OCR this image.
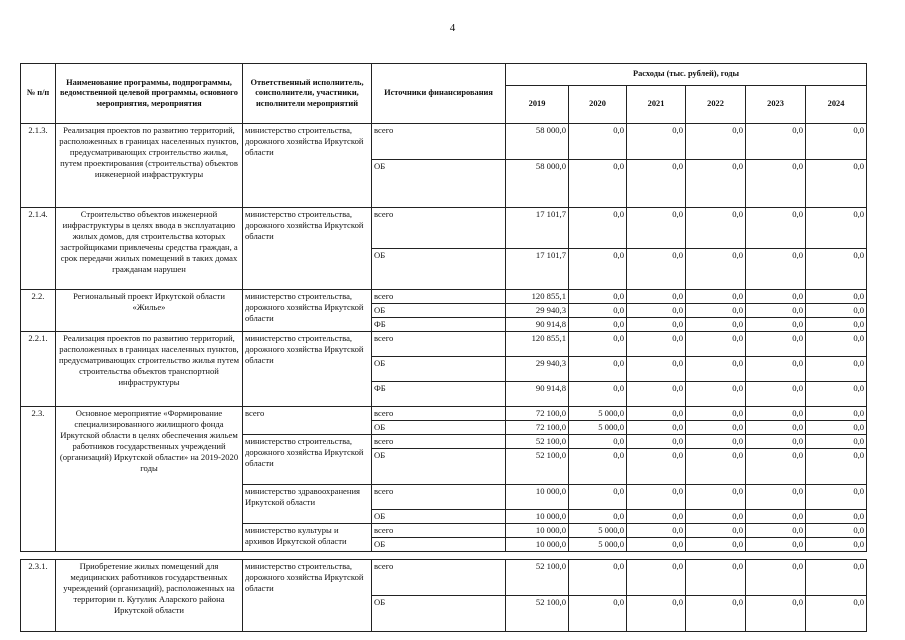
4
№ п/п	Наименование программы, подпрограммы, ведомственной целевой программы, основного мероприятия, мероприятия	Ответственный исполнитель, соисполнители, участники, исполнители мероприятий	Источники финансирования	Расходы (тыс. рублей), годы					
				2019	2020	2021	2022	2023	2024
2.1.3.	Реализация проектов по развитию территорий, расположенных в границах населенных пунктов, предусматривающих строительство жилья, путем проектирования (строительства) объектов инженерной инфраструктуры	министерство строительства, дорожного хозяйства Иркутской области	всего	58 000,0	0,0	0,0	0,0	0,0	0,0
			ОБ	58 000,0	0,0	0,0	0,0	0,0	0,0
2.1.4.	Строительство объектов инженерной инфраструктуры в целях ввода в эксплуатацию жилых домов, для строительства которых застройщиками привлечены средства граждан, а срок передачи жилых помещений в таких домах гражданам нарушен	министерство строительства, дорожного хозяйства Иркутской области	всего	17 101,7	0,0	0,0	0,0	0,0	0,0
			ОБ	17 101,7	0,0	0,0	0,0	0,0	0,0
2.2.	Региональный проект Иркутской области «Жилье»	министерство строительства, дорожного хозяйства Иркутской области	всего	120 855,1	0,0	0,0	0,0	0,0	0,0
			ОБ	29 940,3	0,0	0,0	0,0	0,0	0,0
			ФБ	90 914,8	0,0	0,0	0,0	0,0	0,0
2.2.1.	Реализация проектов по развитию территорий, расположенных в границах населенных пунктов, предусматривающих строительство жилья путем строительства объектов транспортной инфраструктуры	министерство строительства, дорожного хозяйства Иркутской области	всего	120 855,1	0,0	0,0	0,0	0,0	0,0
			ОБ	29 940,3	0,0	0,0	0,0	0,0	0,0
			ФБ	90 914,8	0,0	0,0	0,0	0,0	0,0
2.3.	Основное мероприятие «Формирование специализированного жилищного фонда Иркутской области в целях обеспечения жильем работников государственных учреждений (организаций) Иркутской области» на 2019-2020 годы	всего	всего	72 100,0	5 000,0	0,0	0,0	0,0	0,0
			ОБ	72 100,0	5 000,0	0,0	0,0	0,0	0,0
		министерство строительства, дорожного хозяйства Иркутской области	всего	52 100,0	0,0	0,0	0,0	0,0	0,0
			ОБ	52 100,0	0,0	0,0	0,0	0,0	0,0
		министерство здравоохранения Иркутской области	всего	10 000,0	0,0	0,0	0,0	0,0	0,0
			ОБ	10 000,0	0,0	0,0	0,0	0,0	0,0
		министерство культуры и архивов Иркутской области	всего	10 000,0	5 000,0	0,0	0,0	0,0	0,0
			ОБ	10 000,0	5 000,0	0,0	0,0	0,0	0,0

2.3.1.	Приобретение жилых помещений для медицинских работников государственных учреждений (организаций), расположенных на территории п. Кутулик Аларского района Иркутской области	министерство строительства, дорожного хозяйства Иркутской области	всего	52 100,0	0,0	0,0	0,0	0,0	0,0
			ОБ	52 100,0	0,0	0,0	0,0	0,0	0,0
